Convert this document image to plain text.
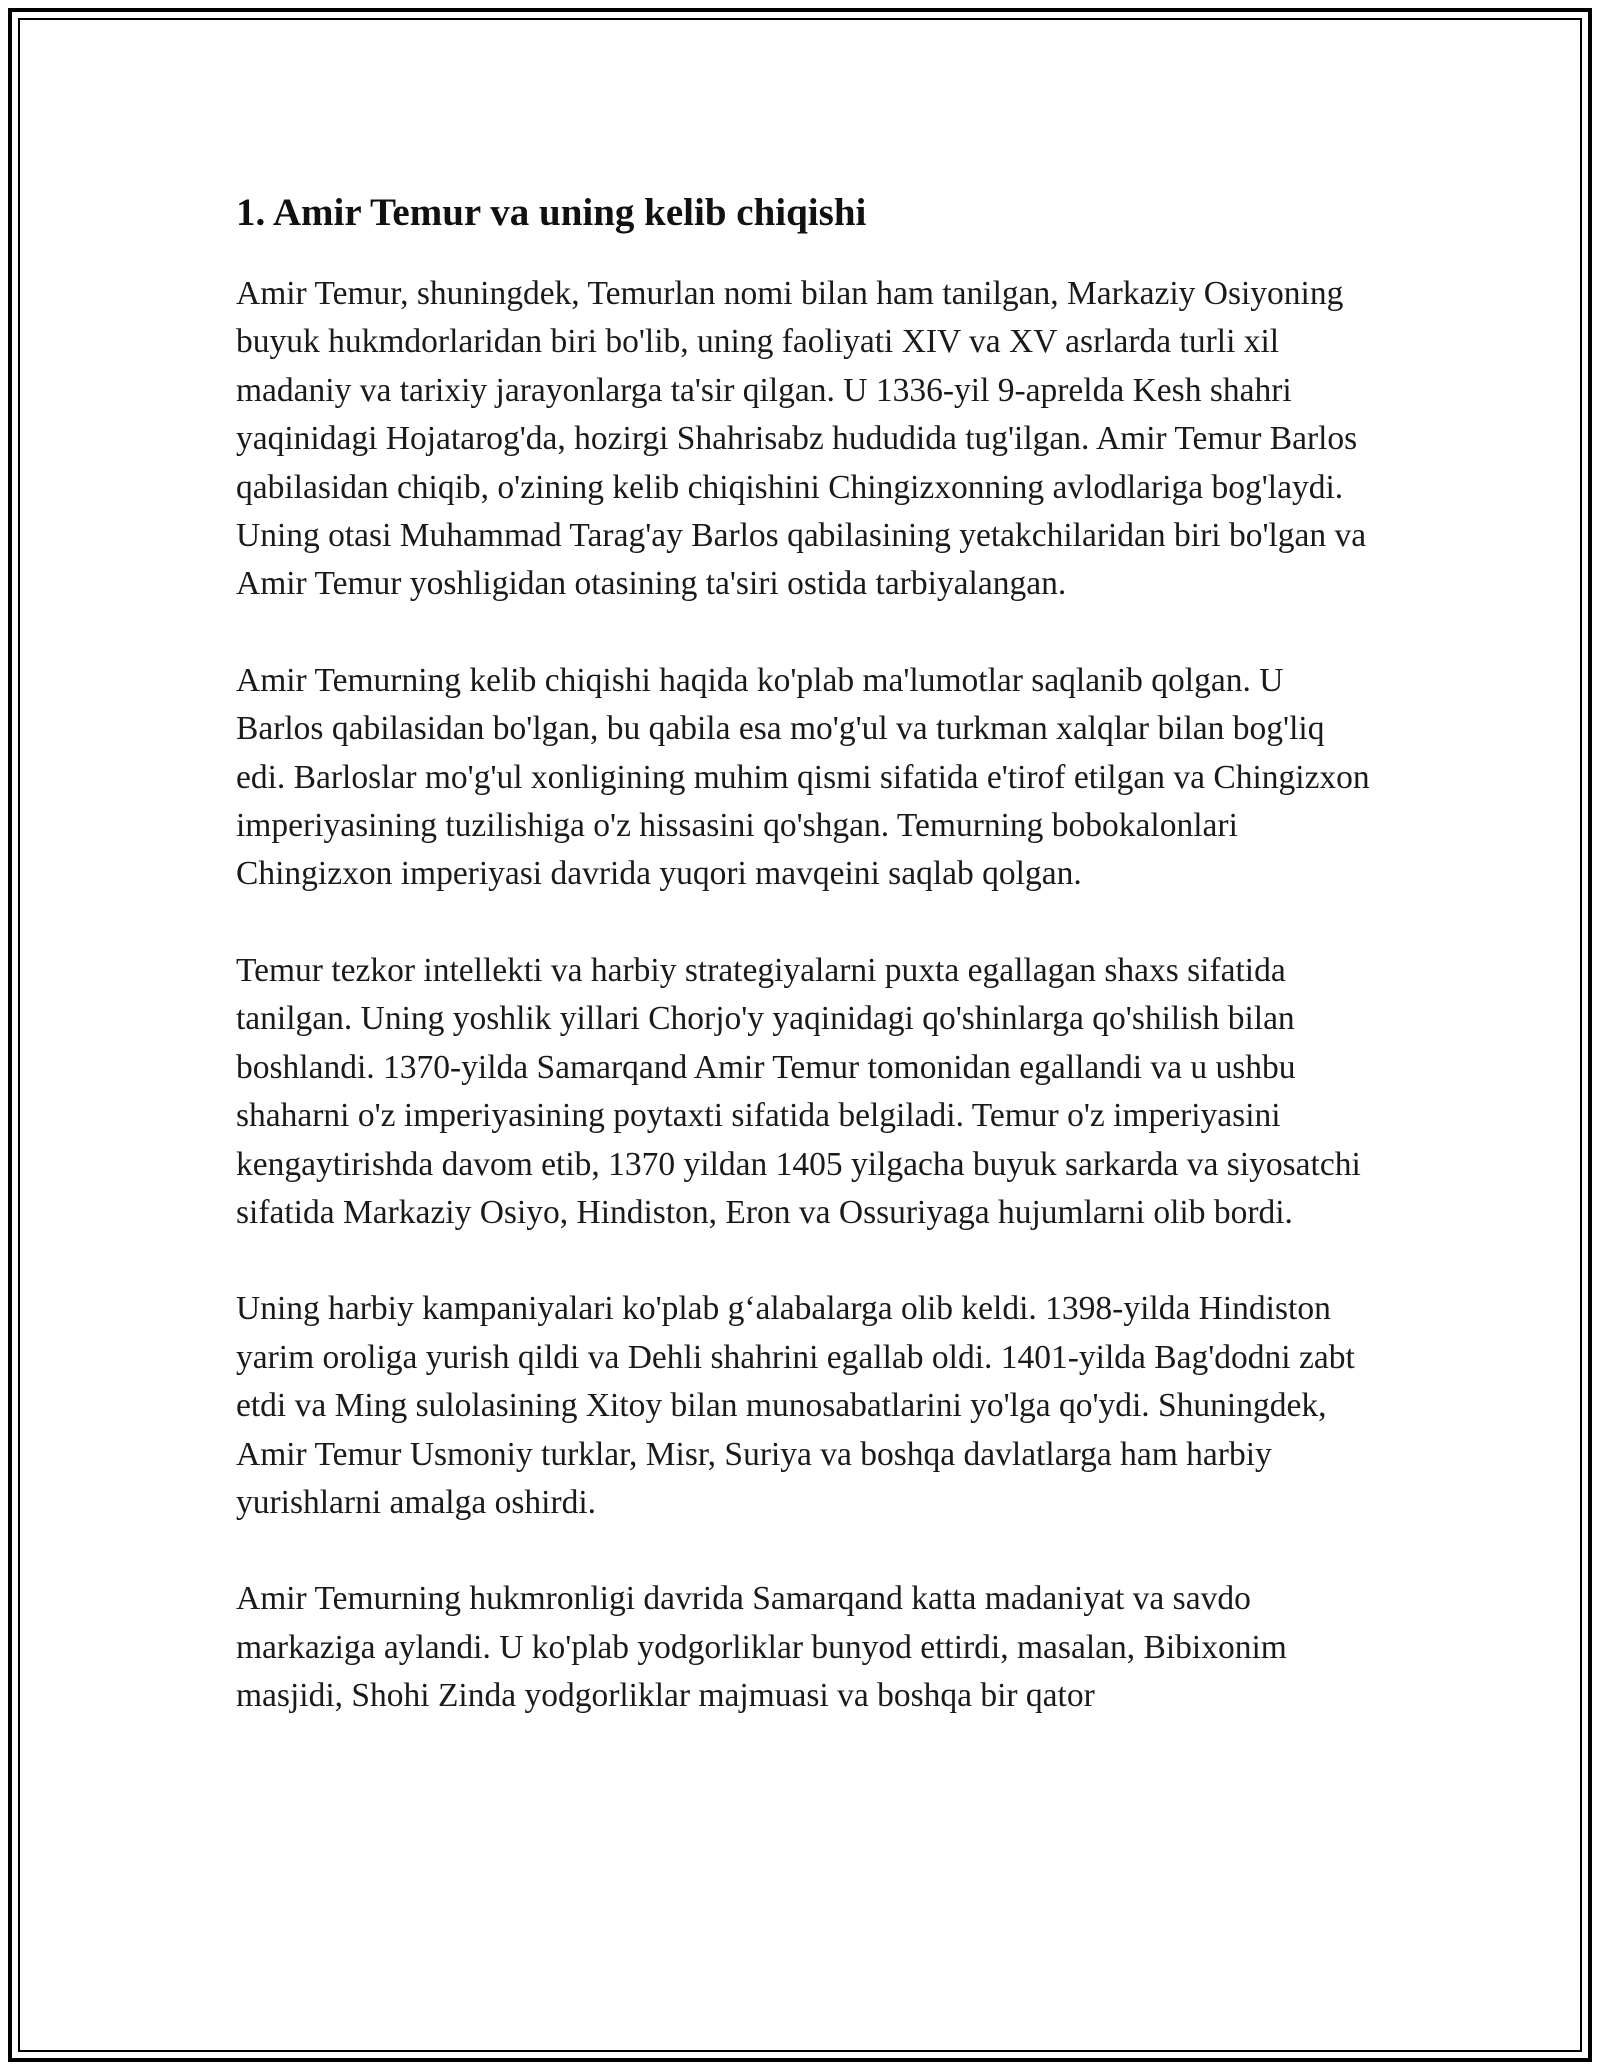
1. Amir Temur va uning kelib chiqishi

Amir Temur, shuningdek, Temurlan nomi bilan ham tanilgan, Markaziy Osiyoning buyuk hukmdorlaridan biri bo'lib, uning faoliyati XIV va XV asrlarda turli xil madaniy va tarixiy jarayonlarga ta'sir qilgan. U 1336-yil 9-aprelda Kesh shahri yaqinidagi Hojatarog'da, hozirgi Shahrisabz hududida tug'ilgan. Amir Temur Barlos qabilasidan chiqib, o'zining kelib chiqishini Chingizxonning avlodlariga bog'laydi. Uning otasi Muhammad Tarag'ay Barlos qabilasining yetakchilaridan biri bo'lgan va Amir Temur yoshligidan otasining ta'siri ostida tarbiyalangan.

Amir Temurning kelib chiqishi haqida ko'plab ma'lumotlar saqlanib qolgan. U Barlos qabilasidan bo'lgan, bu qabila esa mo'g'ul va turkman xalqlar bilan bog'liq edi. Barloslar mo'g'ul xonligining muhim qismi sifatida e'tirof etilgan va Chingizxon imperiyasining tuzilishiga o'z hissasini qo'shgan. Temurning bobokalonlari Chingizxon imperiyasi davrida yuqori mavqeini saqlab qolgan.

Temur tezkor intellekti va harbiy strategiyalarni puxta egallagan shaxs sifatida tanilgan. Uning yoshlik yillari Chorjo'y yaqinidagi qo'shinlarga qo'shilish bilan boshlandi. 1370-yilda Samarqand Amir Temur tomonidan egallandi va u ushbu shaharni o'z imperiyasining poytaxti sifatida belgiladi. Temur o'z imperiyasini kengaytirishda davom etib, 1370 yildan 1405 yilgacha buyuk sarkarda va siyosatchi sifatida Markaziy Osiyo, Hindiston, Eron va Ossuriyaga hujumlarni olib bordi.

Uning harbiy kampaniyalari ko'plab g‘alabalarga olib keldi. 1398-yilda Hindiston yarim oroliga yurish qildi va Dehli shahrini egallab oldi. 1401-yilda Bag'dodni zabt etdi va Ming sulolasining Xitoy bilan munosabatlarini yo'lga qo'ydi. Shuningdek, Amir Temur Usmoniy turklar, Misr, Suriya va boshqa davlatlarga ham harbiy yurishlarni amalga oshirdi.

Amir Temurning hukmronligi davrida Samarqand katta madaniyat va savdo markaziga aylandi. U ko'plab yodgorliklar bunyod ettirdi, masalan, Bibixonim masjidi, Shohi Zinda yodgorliklar majmuasi va boshqa bir qator
